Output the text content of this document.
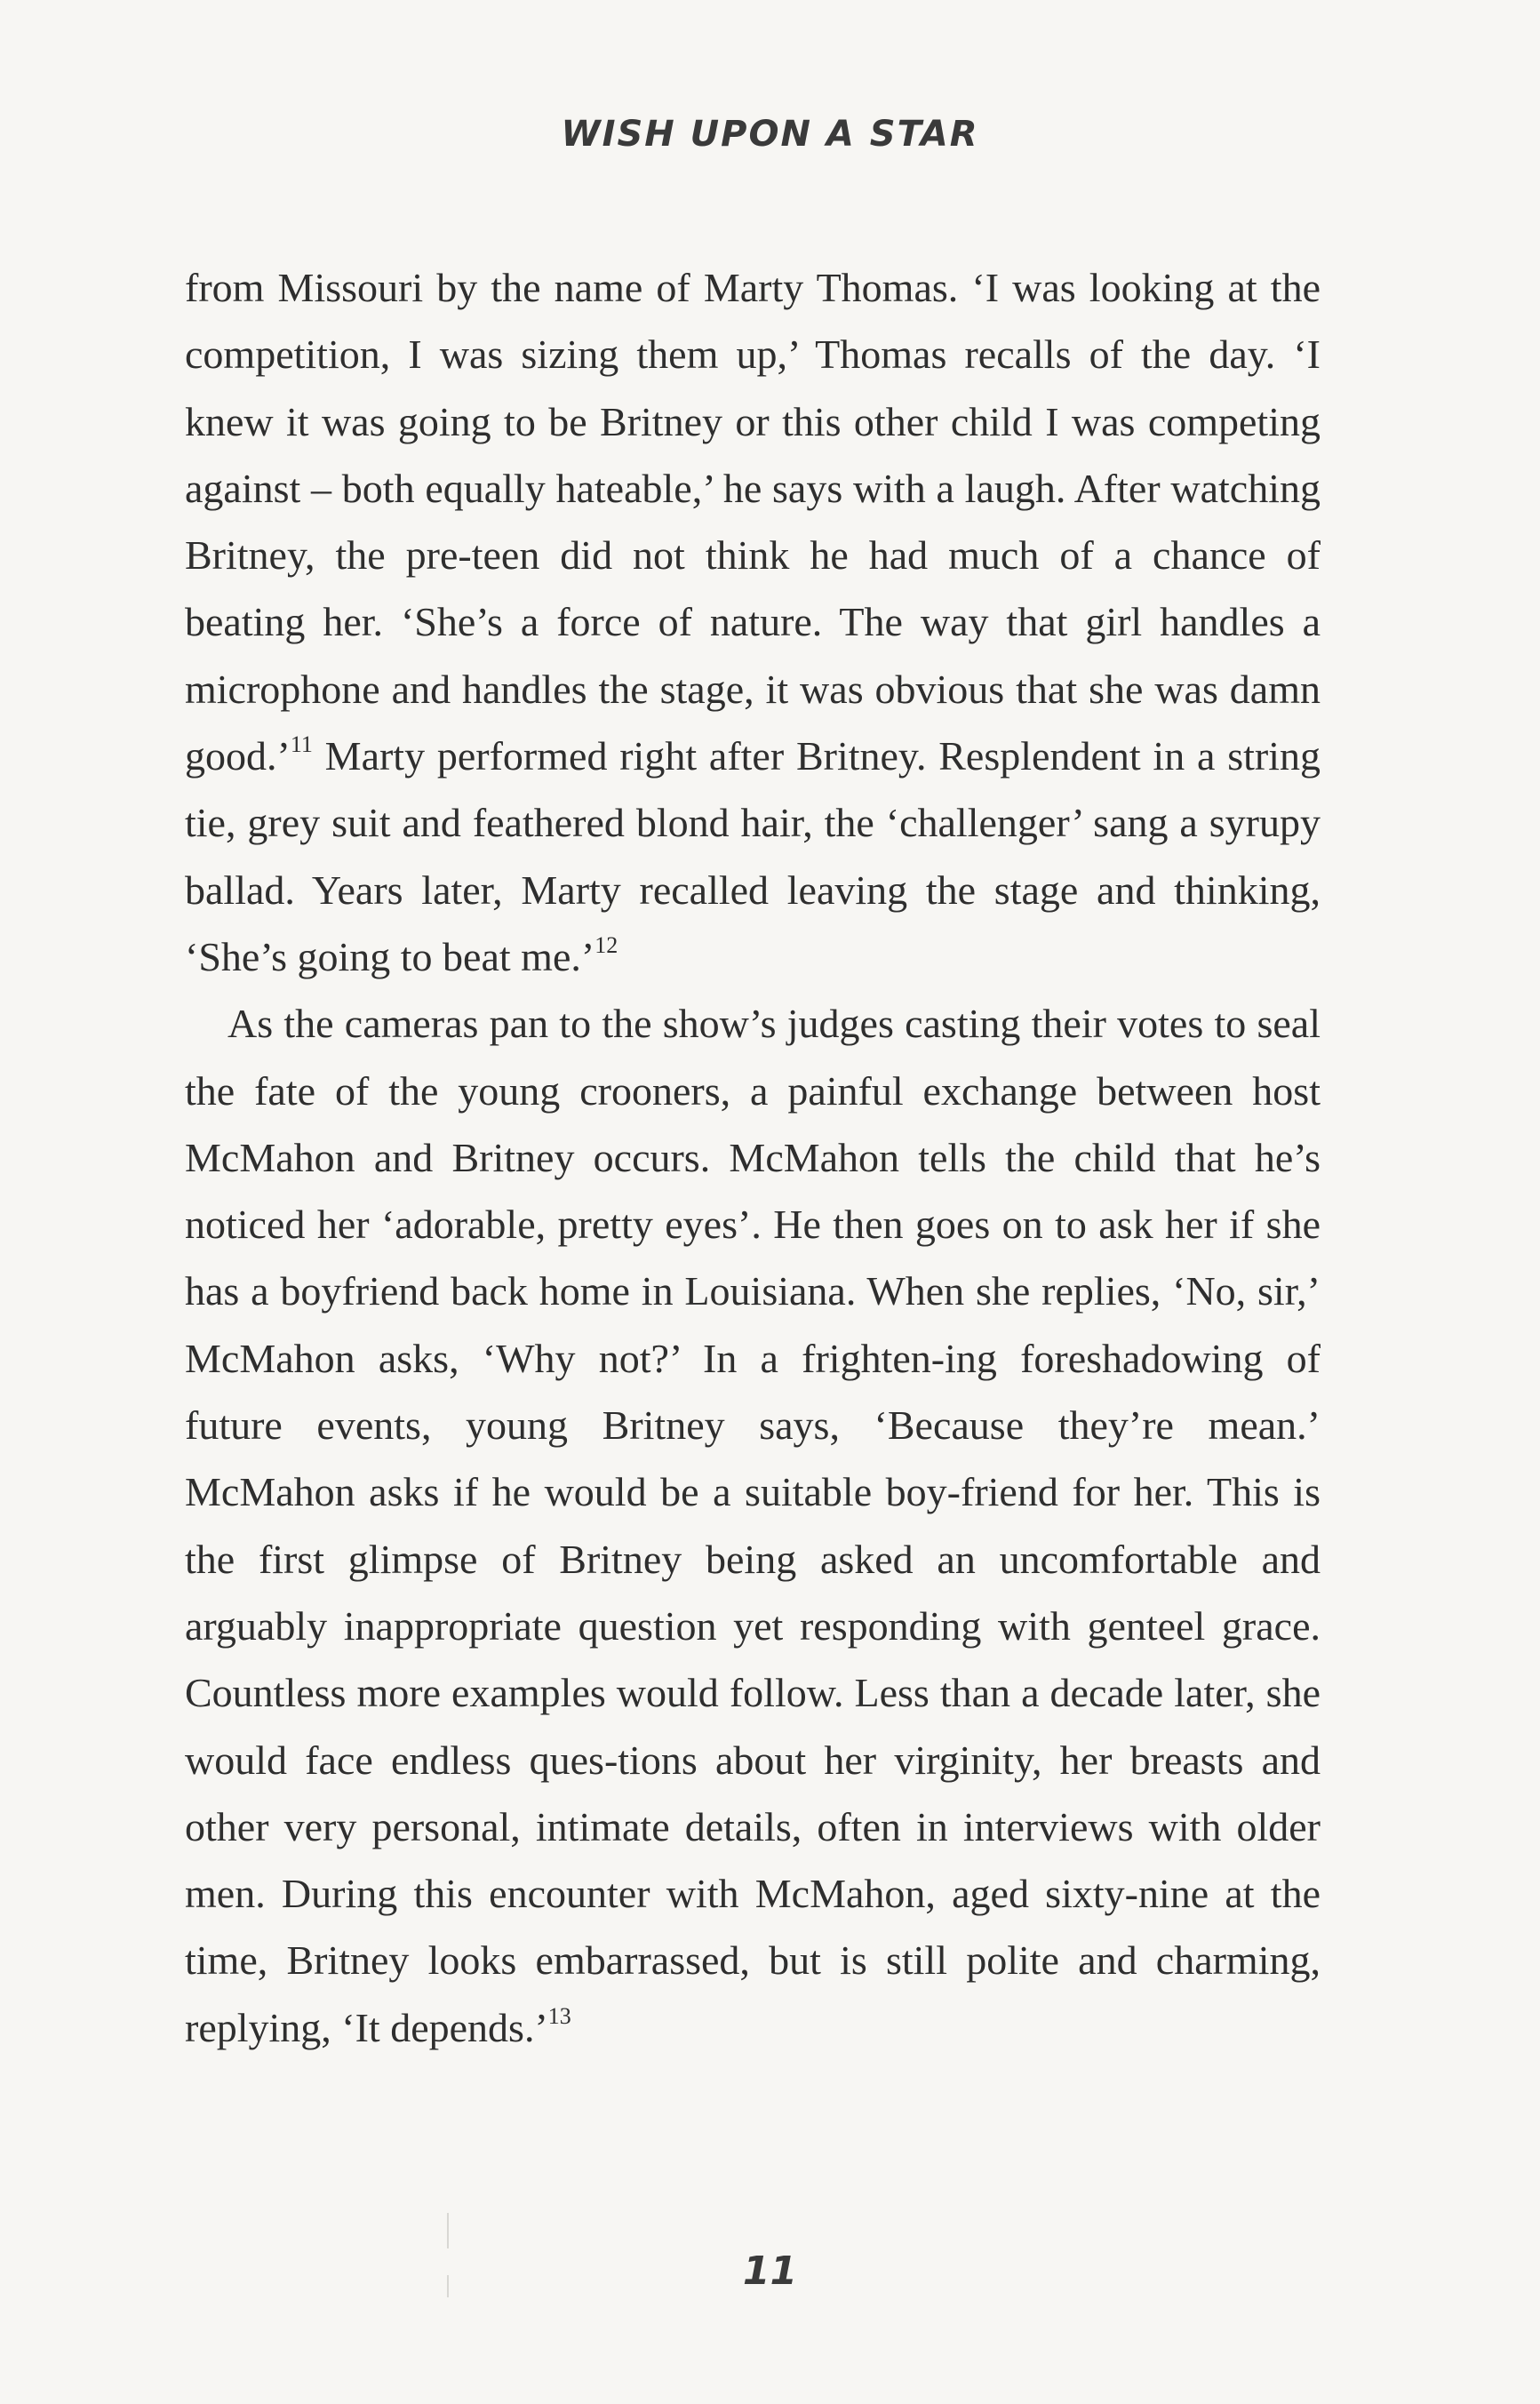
WISH UPON A STAR

from Missouri by the name of Marty Thomas. ‘I was looking at the competition, I was sizing them up,’ Thomas recalls of the day. ‘I knew it was going to be Britney or this other child I was competing against – both equally hateable,’ he says with a laugh. After watching Britney, the pre-teen did not think he had much of a chance of beating her. ‘She’s a force of nature. The way that girl handles a microphone and handles the stage, it was obvious that she was damn good.’$^{11}$ Marty performed right after Britney. Resplendent in a string tie, grey suit and feathered blond hair, the ‘challenger’ sang a syrupy ballad. Years later, Marty recalled leaving the stage and thinking, ‘She’s going to beat me.’$^{12}$

As the cameras pan to the show’s judges casting their votes to seal the fate of the young crooners, a painful exchange between host McMahon and Britney occurs. McMahon tells the child that he’s noticed her ‘adorable, pretty eyes’. He then goes on to ask her if she has a boyfriend back home in Louisiana. When she replies, ‘No, sir,’ McMahon asks, ‘Why not?’ In a frighten-ing foreshadowing of future events, young Britney says, ‘Because they’re mean.’ McMahon asks if he would be a suitable boy-friend for her. This is the first glimpse of Britney being asked an uncomfortable and arguably inappropriate question yet responding with genteel grace. Countless more examples would follow. Less than a decade later, she would face endless ques-tions about her virginity, her breasts and other very personal, intimate details, often in interviews with older men. During this encounter with McMahon, aged sixty-nine at the time, Britney looks embarrassed, but is still polite and charming, replying, ‘It depends.’$^{13}$

11
